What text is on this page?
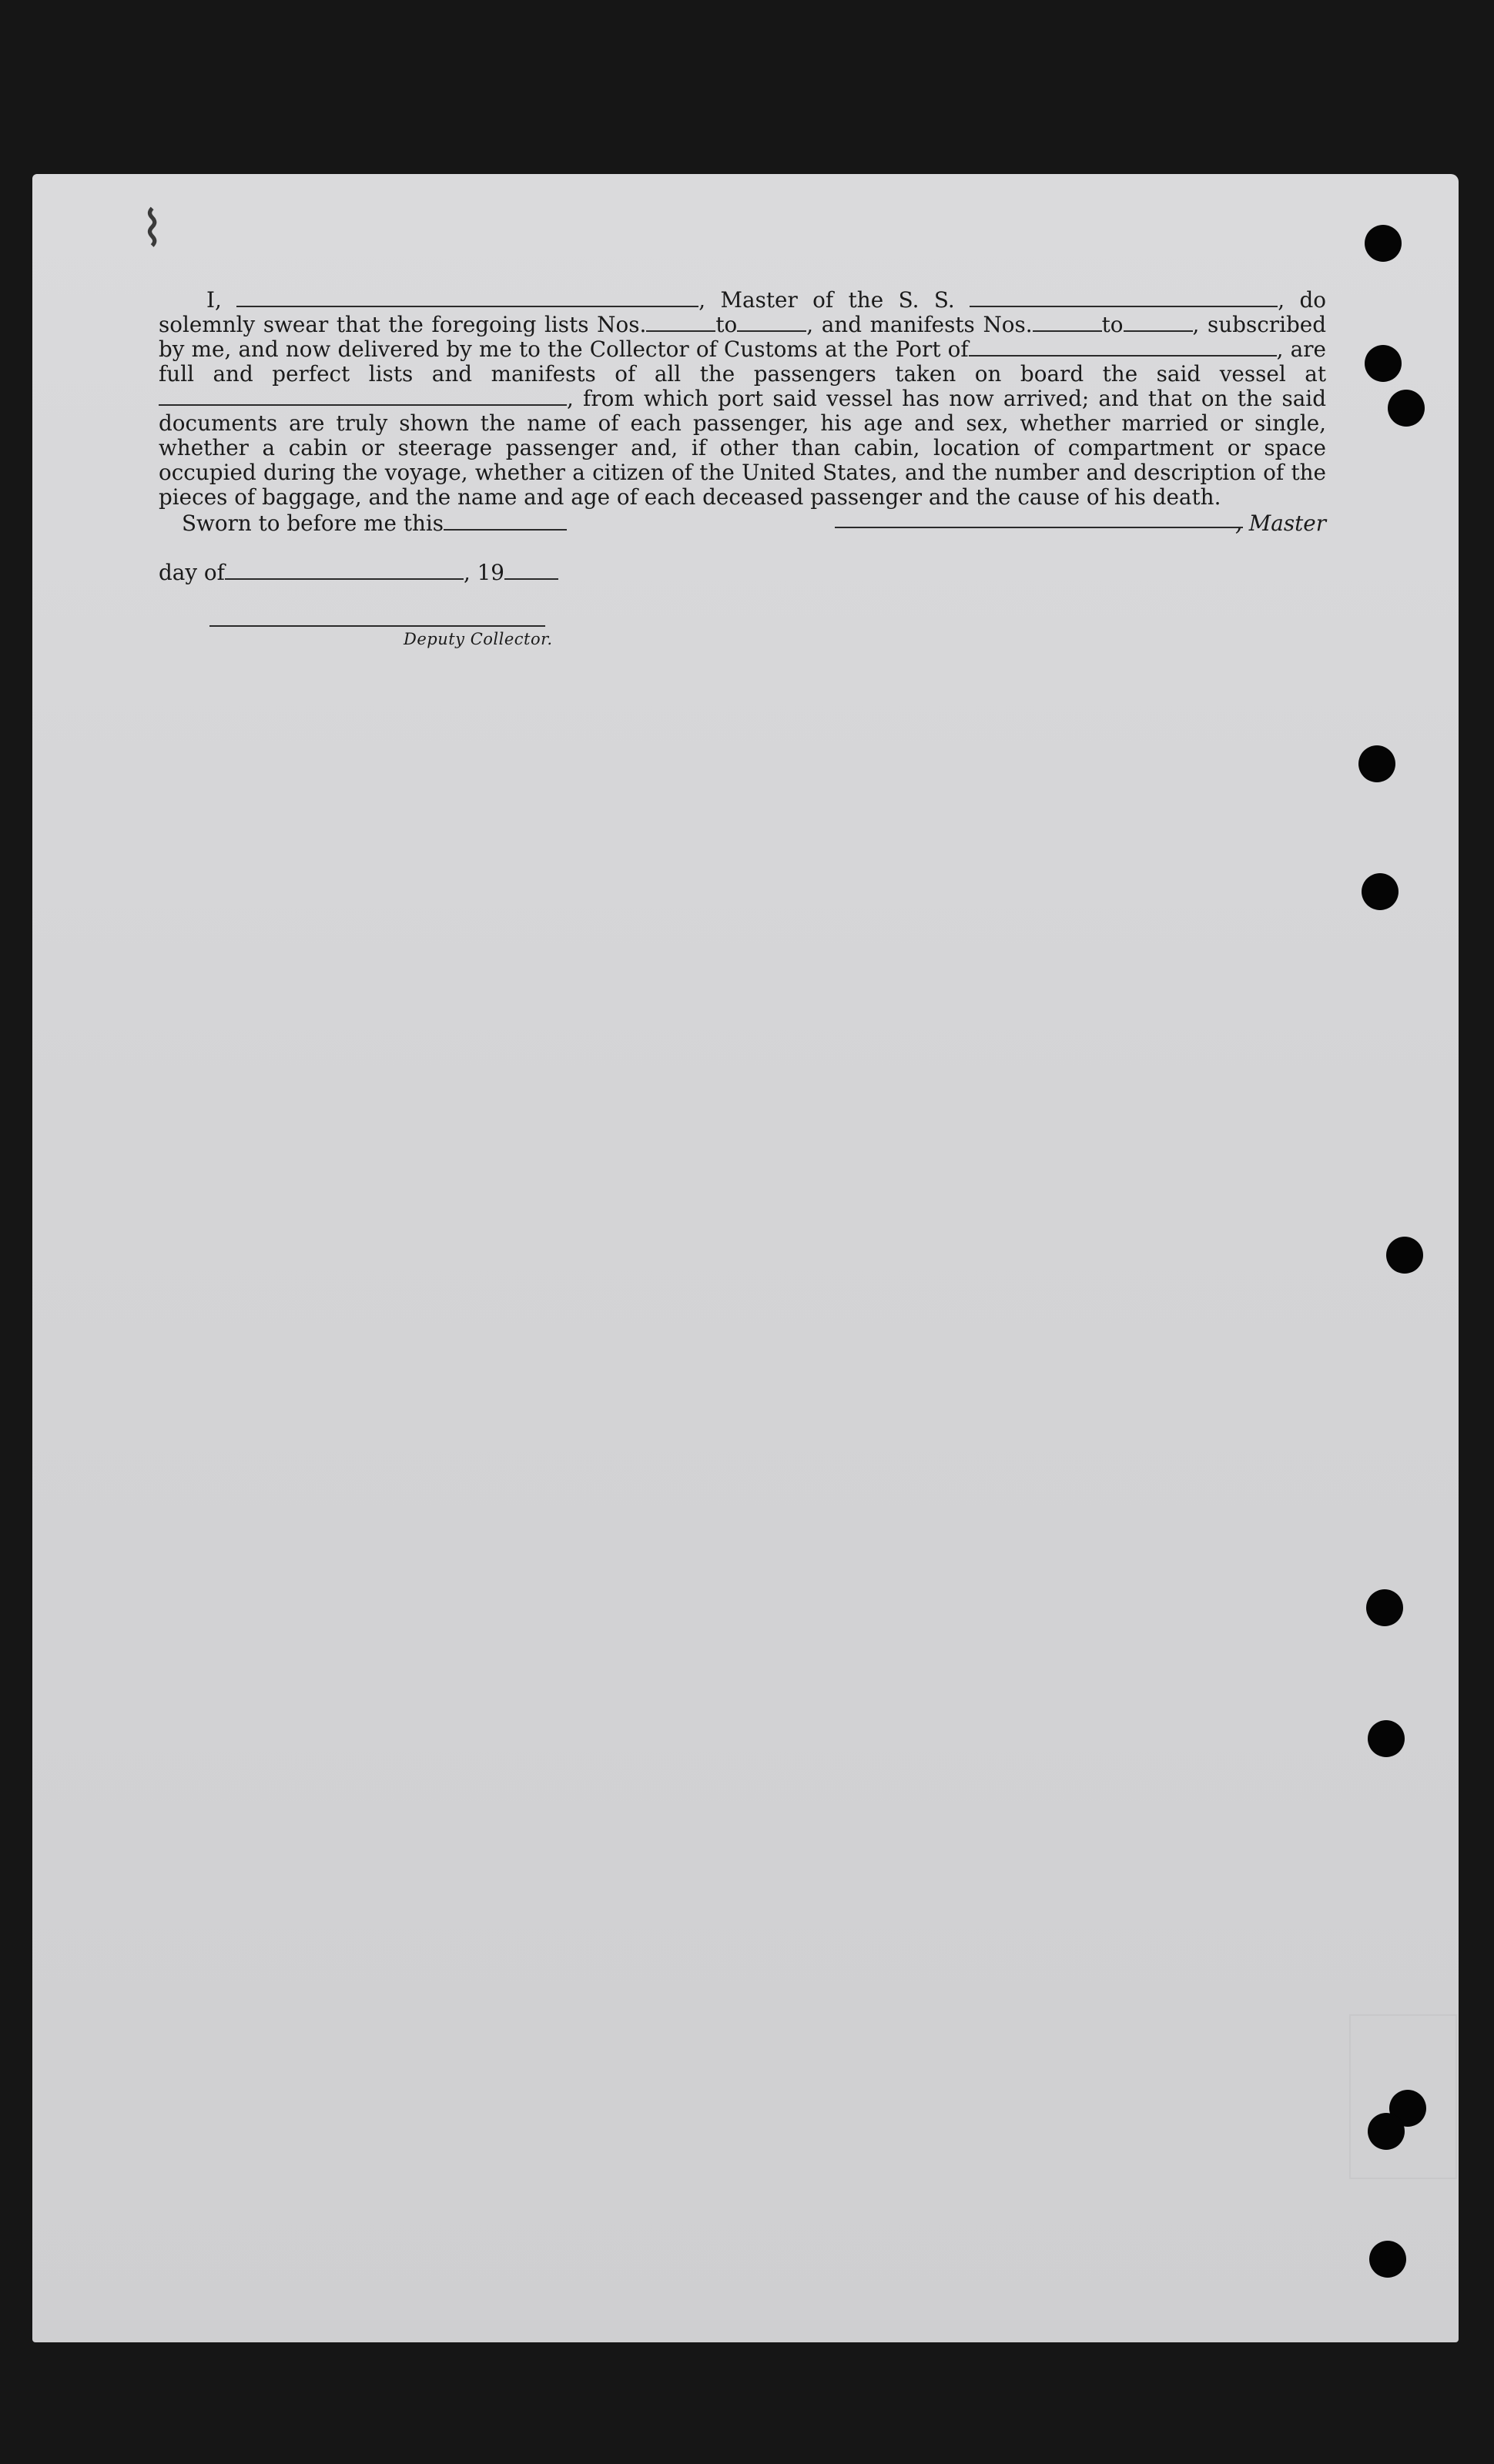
⌇
I,	, Master of the S. S.	, do solemnly swear that the foregoing lists Nos.	to	, and manifests Nos.	to	, subscribed by me, and now delivered by me to the Collector of Customs at the Port of	, are full and perfect lists and manifests of all the passengers taken on board the said vessel at, from which port said vessel has now arrived; and that on the said documents are truly shown the name of each passenger, his age and sex, whether married or single, whether a cabin or steerage passenger and, if other than cabin, location of compartment or space occupied during the voyage, whether a citizen of the United States, and the number and description of the pieces of baggage, and the name and age of each deceased passenger and the cause of his death.
Sworn to before me this	, Master
day of	, 19
Deputy Collector.
